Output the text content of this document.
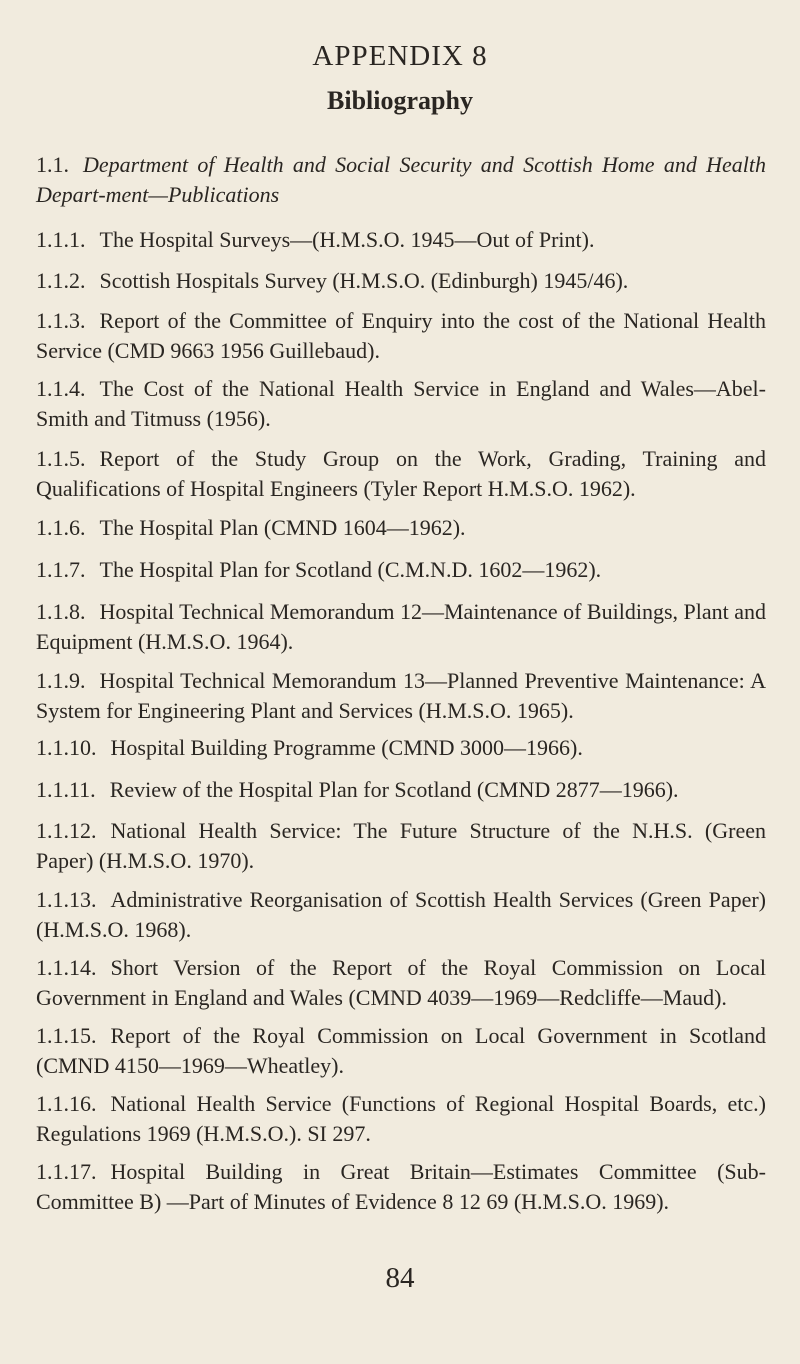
APPENDIX 8
Bibliography
1.1. Department of Health and Social Security and Scottish Home and Health Depart-ment—Publications
1.1.1. The Hospital Surveys—(H.M.S.O. 1945—Out of Print).
1.1.2. Scottish Hospitals Survey (H.M.S.O. (Edinburgh) 1945/46).
1.1.3. Report of the Committee of Enquiry into the cost of the National Health Service (CMD 9663 1956 Guillebaud).
1.1.4. The Cost of the National Health Service in England and Wales—Abel-Smith and Titmuss (1956).
1.1.5. Report of the Study Group on the Work, Grading, Training and Qualifications of Hospital Engineers (Tyler Report H.M.S.O. 1962).
1.1.6. The Hospital Plan (CMND 1604—1962).
1.1.7. The Hospital Plan for Scotland (C.M.N.D. 1602—1962).
1.1.8. Hospital Technical Memorandum 12—Maintenance of Buildings, Plant and Equipment (H.M.S.O. 1964).
1.1.9. Hospital Technical Memorandum 13—Planned Preventive Maintenance: A System for Engineering Plant and Services (H.M.S.O. 1965).
1.1.10. Hospital Building Programme (CMND 3000—1966).
1.1.11. Review of the Hospital Plan for Scotland (CMND 2877—1966).
1.1.12. National Health Service: The Future Structure of the N.H.S. (Green Paper) (H.M.S.O. 1970).
1.1.13. Administrative Reorganisation of Scottish Health Services (Green Paper) (H.M.S.O. 1968).
1.1.14. Short Version of the Report of the Royal Commission on Local Government in England and Wales (CMND 4039—1969—Redcliffe—Maud).
1.1.15. Report of the Royal Commission on Local Government in Scotland (CMND 4150—1969—Wheatley).
1.1.16. National Health Service (Functions of Regional Hospital Boards, etc.) Regulations 1969 (H.M.S.O.). SI 297.
1.1.17. Hospital Building in Great Britain—Estimates Committee (Sub-Committee B) —Part of Minutes of Evidence 8 12 69 (H.M.S.O. 1969).
84
